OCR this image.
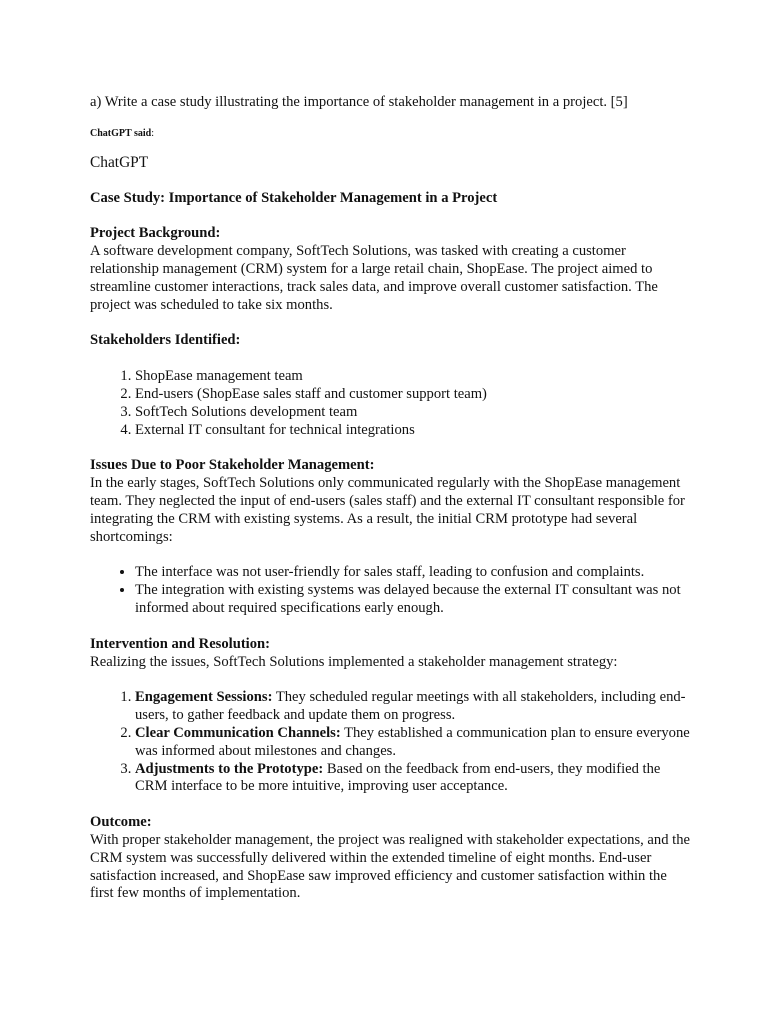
a) Write a case study illustrating the importance of stakeholder management in a project. [5]

ChatGPT said:

ChatGPT

Case Study: Importance of Stakeholder Management in a Project

Project Background:

A software development company, SoftTech Solutions, was tasked with creating a customer relationship management (CRM) system for a large retail chain, ShopEase. The project aimed to streamline customer interactions, track sales data, and improve overall customer satisfaction. The project was scheduled to take six months.

Stakeholders Identified:

1. ShopEase management team
2. End-users (ShopEase sales staff and customer support team)
3. SoftTech Solutions development team
4. External IT consultant for technical integrations

Issues Due to Poor Stakeholder Management:

In the early stages, SoftTech Solutions only communicated regularly with the ShopEase management team. They neglected the input of end-users (sales staff) and the external IT consultant responsible for integrating the CRM with existing systems. As a result, the initial CRM prototype had several shortcomings:

• The interface was not user-friendly for sales staff, leading to confusion and complaints.
• The integration with existing systems was delayed because the external IT consultant was not informed about required specifications early enough.

Intervention and Resolution:

Realizing the issues, SoftTech Solutions implemented a stakeholder management strategy:

1. Engagement Sessions: They scheduled regular meetings with all stakeholders, including end-users, to gather feedback and update them on progress.
2. Clear Communication Channels: They established a communication plan to ensure everyone was informed about milestones and changes.
3. Adjustments to the Prototype: Based on the feedback from end-users, they modified the CRM interface to be more intuitive, improving user acceptance.

Outcome:

With proper stakeholder management, the project was realigned with stakeholder expectations, and the CRM system was successfully delivered within the extended timeline of eight months. End-user satisfaction increased, and ShopEase saw improved efficiency and customer satisfaction within the first few months of implementation.
